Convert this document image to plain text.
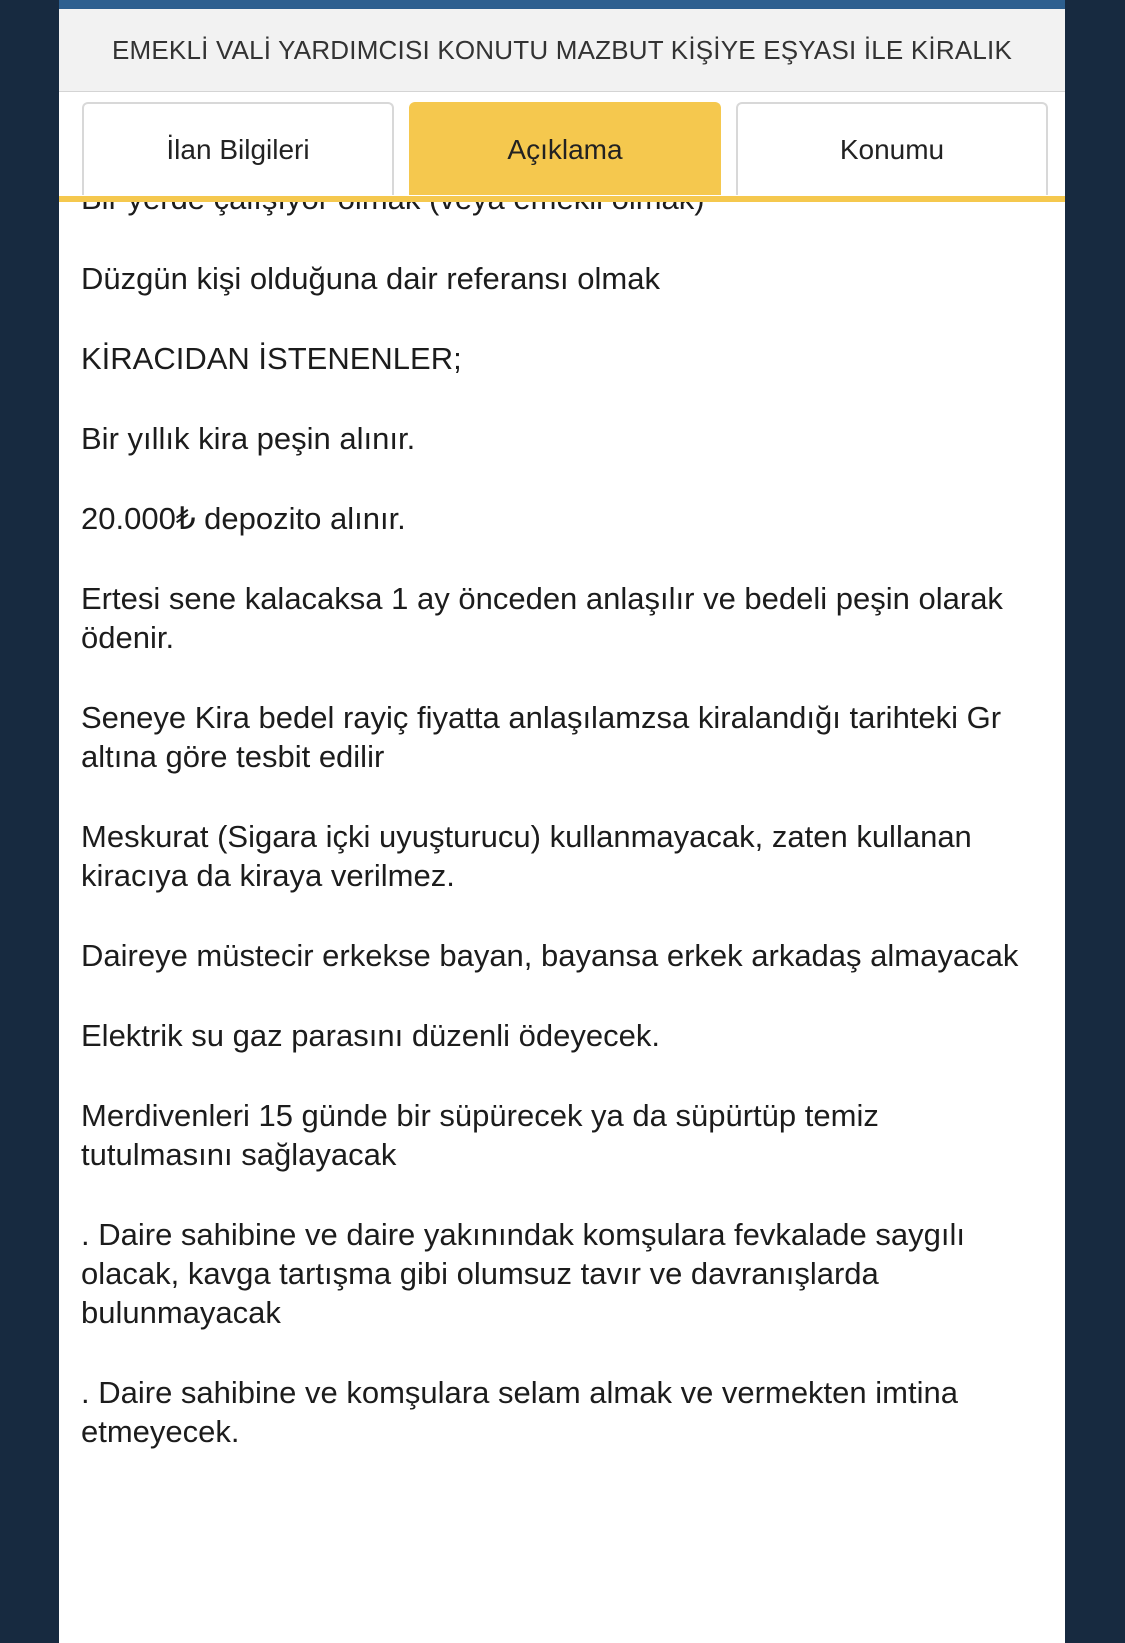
EMEKLİ VALİ YARDIMCISI KONUTU MAZBUT KİŞİYE EŞYASI İLE KİRALIK
İlan Bilgileri	Açıklama	Konumu

Düzgün kişi olduğuna dair referansı olmak

KİRACIDAN İSTENENLER;

Bir yıllık kira peşin alınır.

20.000₺ depozito alınır.

Ertesi sene kalacaksa 1 ay önceden anlaşılır ve bedeli peşin olarak ödenir.

Seneye Kira bedel rayiç fiyatta anlaşılamzsa kiralandığı tarihteki Gr altına göre tesbit edilir

Meskurat (Sigara içki uyuşturucu) kullanmayacak, zaten kullanan kiracıya da kiraya verilmez.

Daireye müstecir erkekse bayan, bayansa erkek arkadaş almayacak

Elektrik su gaz parasını düzenli ödeyecek.

Merdivenleri 15 günde bir süpürecek ya da süpürtüp temiz tutulmasını sağlayacak

. Daire sahibine ve daire yakınındak komşulara fevkalade saygılı olacak, kavga tartışma gibi olumsuz tavır ve davranışlarda bulunmayacak

. Daire sahibine ve komşulara selam almak ve vermekten imtina etmeyecek.
